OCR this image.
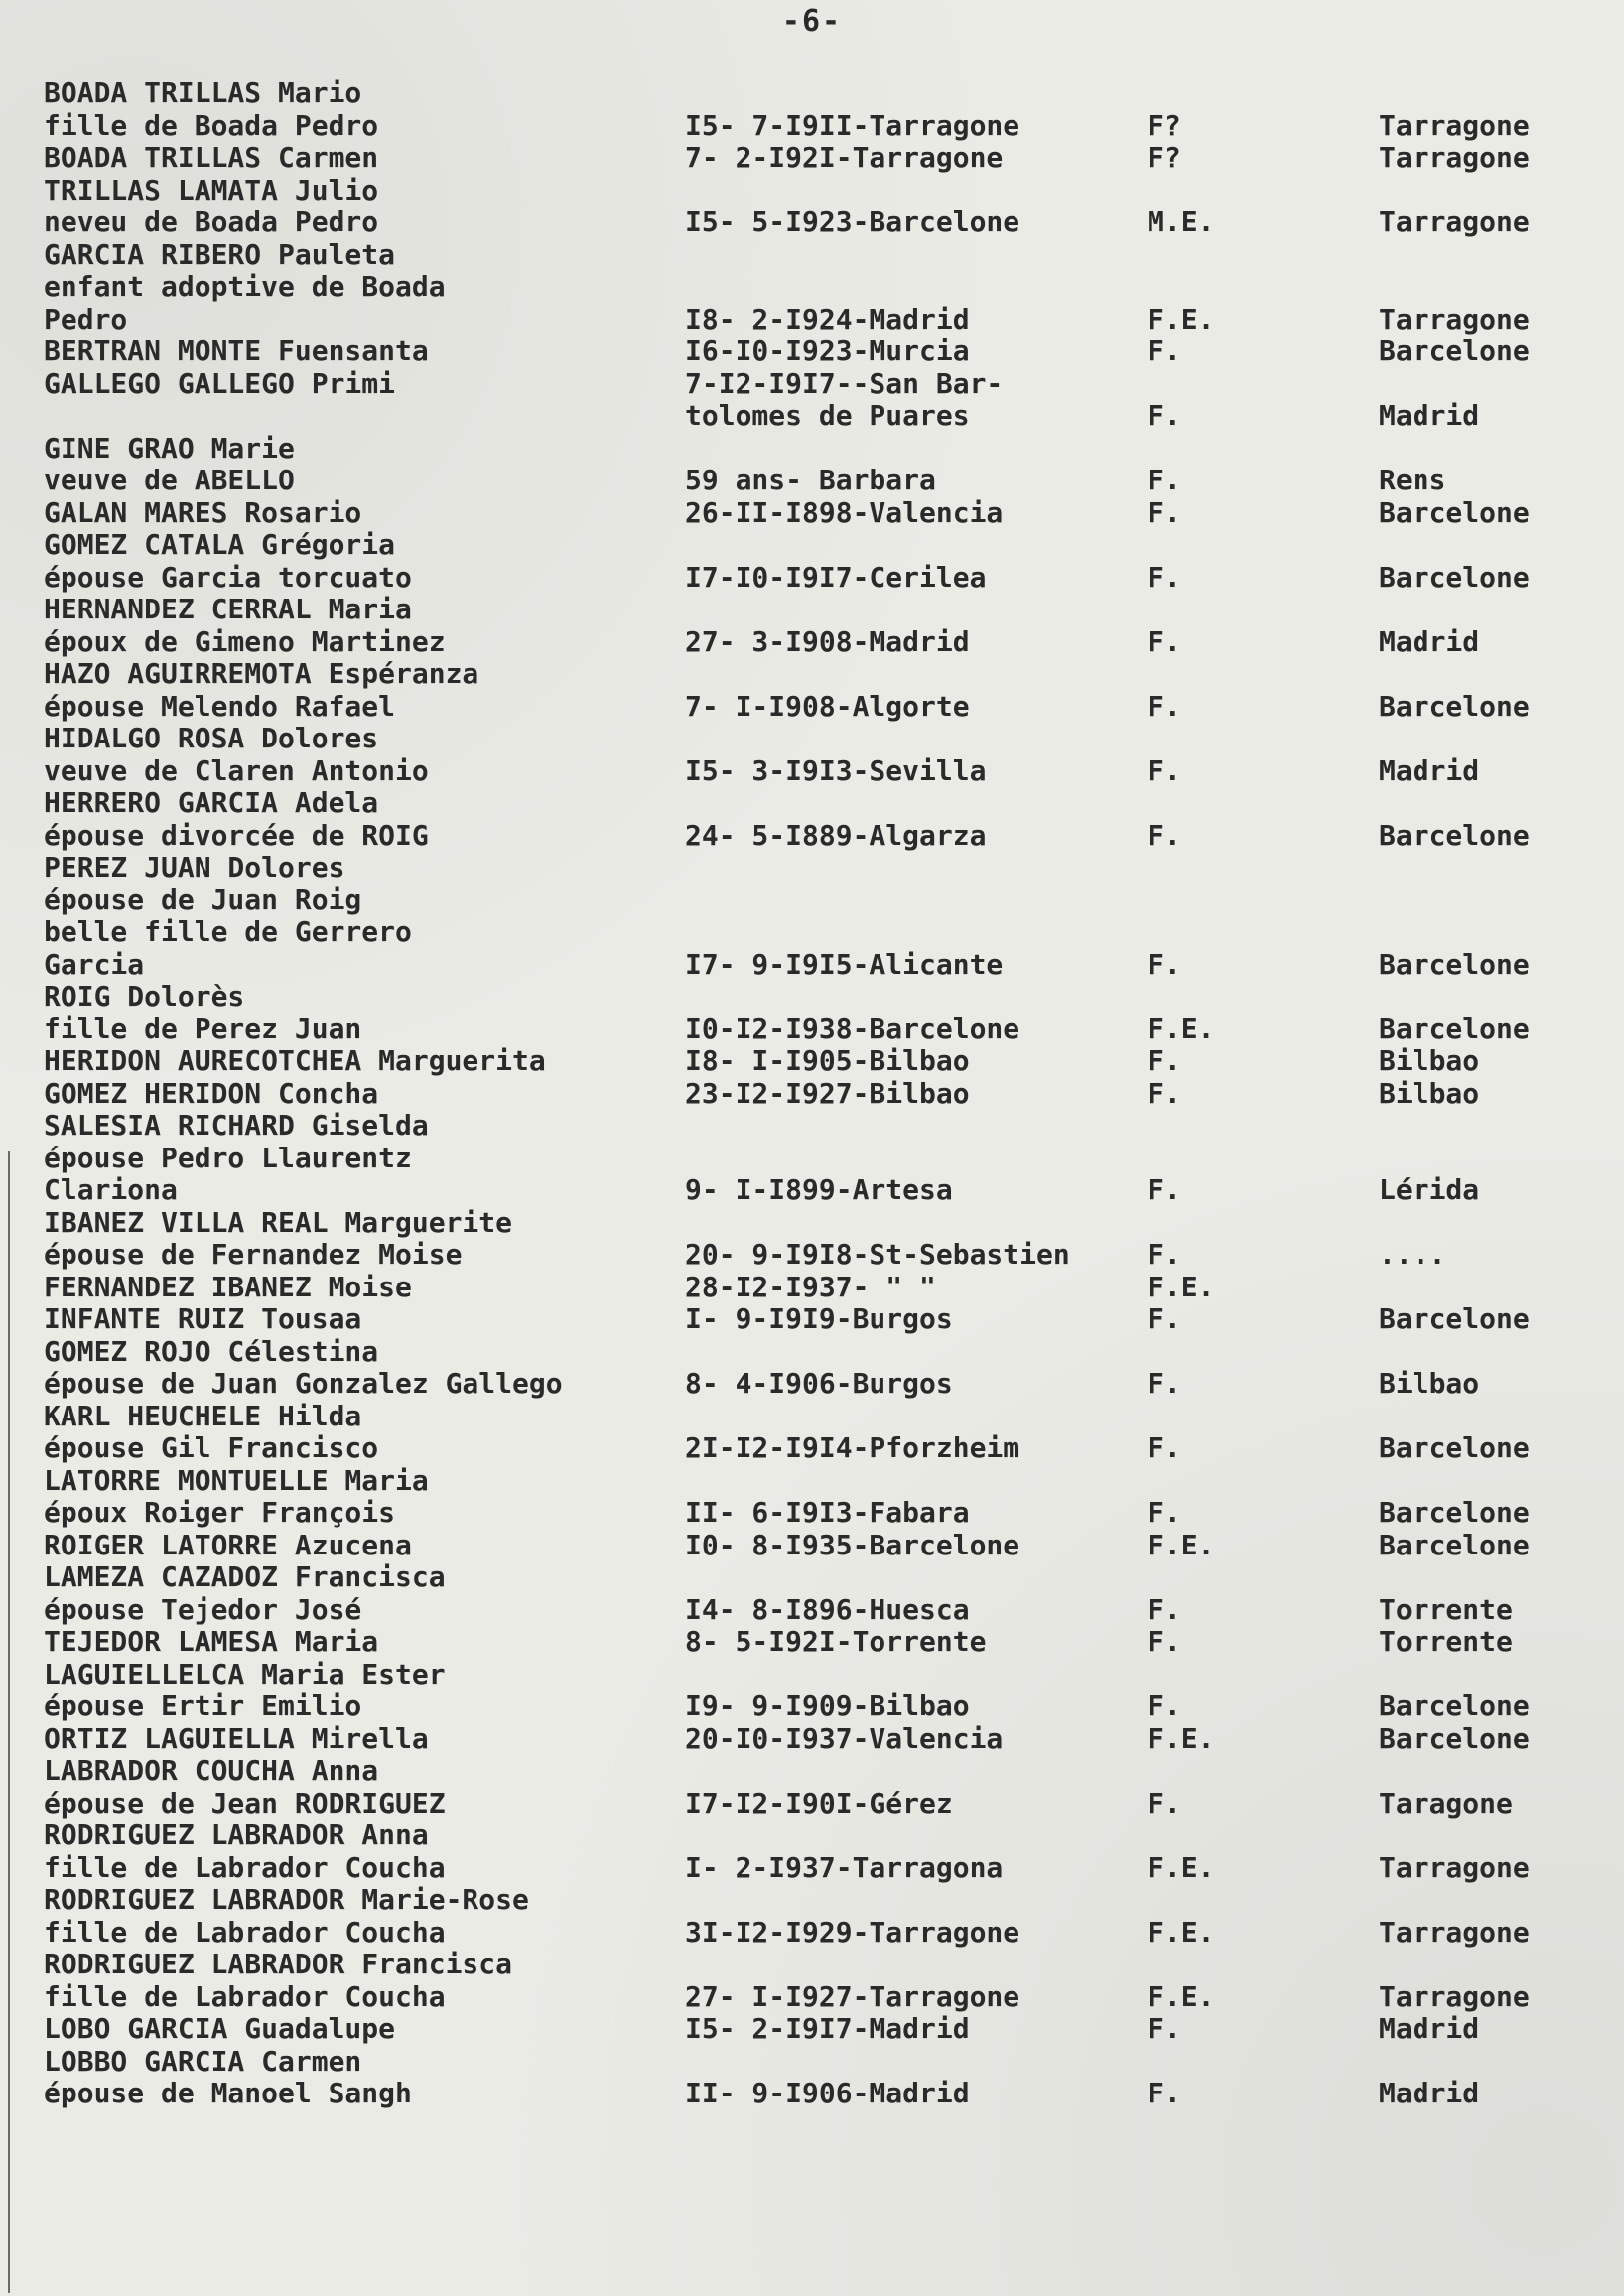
-6-
BOADA TRILLAS Mario
fille de Boada Pedro	I5- 7-I9II-Tarragone	F?	Tarragone
BOADA TRILLAS Carmen	7- 2-I92I-Tarragone	F?	Tarragone
TRILLAS LAMATA Julio
neveu de Boada Pedro	I5- 5-I923-Barcelone	M.E.	Tarragone
GARCIA RIBERO Pauleta
enfant adoptive de Boada
Pedro	I8- 2-I924-Madrid	F.E.	Tarragone
BERTRAN MONTE Fuensanta	I6-I0-I923-Murcia	F.	Barcelone
GALLEGO GALLEGO Primi	7-I2-I9I7--San Bar-
tolomes de Puares	F.	Madrid
GINE GRAO Marie
veuve de ABELLO	59 ans- Barbara	F.	Rens
GALAN MARES Rosario	26-II-I898-Valencia	F.	Barcelone
GOMEZ CATALA Grégoria
épouse Garcia torcuato	I7-I0-I9I7-Cerilea	F.	Barcelone
HERNANDEZ CERRAL Maria
époux de Gimeno Martinez	27- 3-I908-Madrid	F.	Madrid
HAZO AGUIRREMOTA Espéranza
épouse Melendo Rafael	7- I-I908-Algorte	F.	Barcelone
HIDALGO ROSA Dolores
veuve de Claren Antonio	I5- 3-I9I3-Sevilla	F.	Madrid
HERRERO GARCIA Adela
épouse divorcée de ROIG	24- 5-I889-Algarza	F.	Barcelone
PEREZ JUAN Dolores
épouse de Juan Roig
belle fille de Gerrero
Garcia	I7- 9-I9I5-Alicante	F.	Barcelone
ROIG Dolorès
fille de Perez Juan	I0-I2-I938-Barcelone	F.E.	Barcelone
HERIDON AURECOTCHEA Marguerita	I8- I-I905-Bilbao	F.	Bilbao
GOMEZ HERIDON Concha	23-I2-I927-Bilbao	F.	Bilbao
SALESIA RICHARD Giselda
épouse Pedro Llaurentz
Clariona	9- I-I899-Artesa	F.	Lérida
IBANEZ VILLA REAL Marguerite
épouse de Fernandez Moise	20- 9-I9I8-St-Sebastien	F.	....
FERNANDEZ IBANEZ Moise	28-I2-I937- " "	F.E.
INFANTE RUIZ Tousaa	I- 9-I9I9-Burgos	F.	Barcelone
GOMEZ ROJO Célestina
épouse de Juan Gonzalez Gallego	8- 4-I906-Burgos	F.	Bilbao
KARL HEUCHELE Hilda
épouse Gil Francisco	2I-I2-I9I4-Pforzheim	F.	Barcelone
LATORRE MONTUELLE Maria
époux Roiger François	II- 6-I9I3-Fabara	F.	Barcelone
ROIGER LATORRE Azucena	I0- 8-I935-Barcelone	F.E.	Barcelone
LAMEZA CAZADOZ Francisca
épouse Tejedor José	I4- 8-I896-Huesca	F.	Torrente
TEJEDOR LAMESA Maria	8- 5-I92I-Torrente	F.	Torrente
LAGUIELLELCA Maria Ester
épouse Ertir Emilio	I9- 9-I909-Bilbao	F.	Barcelone
ORTIZ LAGUIELLA Mirella	20-I0-I937-Valencia	F.E.	Barcelone
LABRADOR COUCHA Anna
épouse de Jean RODRIGUEZ	I7-I2-I90I-Gérez	F.	Taragone
RODRIGUEZ LABRADOR Anna
fille de Labrador Coucha	I- 2-I937-Tarragona	F.E.	Tarragone
RODRIGUEZ LABRADOR Marie-Rose
fille de Labrador Coucha	3I-I2-I929-Tarragone	F.E.	Tarragone
RODRIGUEZ LABRADOR Francisca
fille de Labrador Coucha	27- I-I927-Tarragone	F.E.	Tarragone
LOBO GARCIA Guadalupe	I5- 2-I9I7-Madrid	F.	Madrid
LOBBO GARCIA Carmen
épouse de Manoel Sangh	II- 9-I906-Madrid	F.	Madrid
